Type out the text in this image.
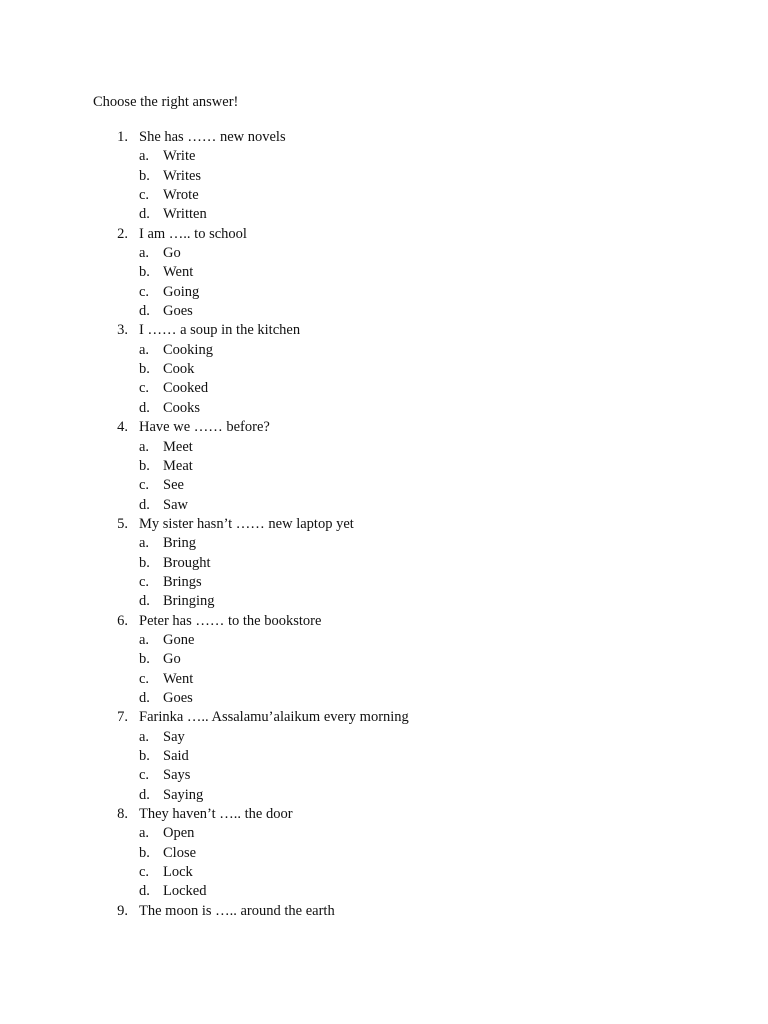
Choose the right answer!
1. She has …… new novels
a. Write
b. Writes
c. Wrote
d. Written
2. I am ….. to school
a. Go
b. Went
c. Going
d. Goes
3. I …… a soup in the kitchen
a. Cooking
b. Cook
c. Cooked
d. Cooks
4. Have we …… before?
a. Meet
b. Meat
c. See
d. Saw
5. My sister hasn’t …… new laptop yet
a. Bring
b. Brought
c. Brings
d. Bringing
6. Peter has …… to the bookstore
a. Gone
b. Go
c. Went
d. Goes
7. Farinka ….. Assalamu’alaikum every morning
a. Say
b. Said
c. Says
d. Saying
8. They haven’t ….. the door
a. Open
b. Close
c. Lock
d. Locked
9. The moon is ….. around the earth
